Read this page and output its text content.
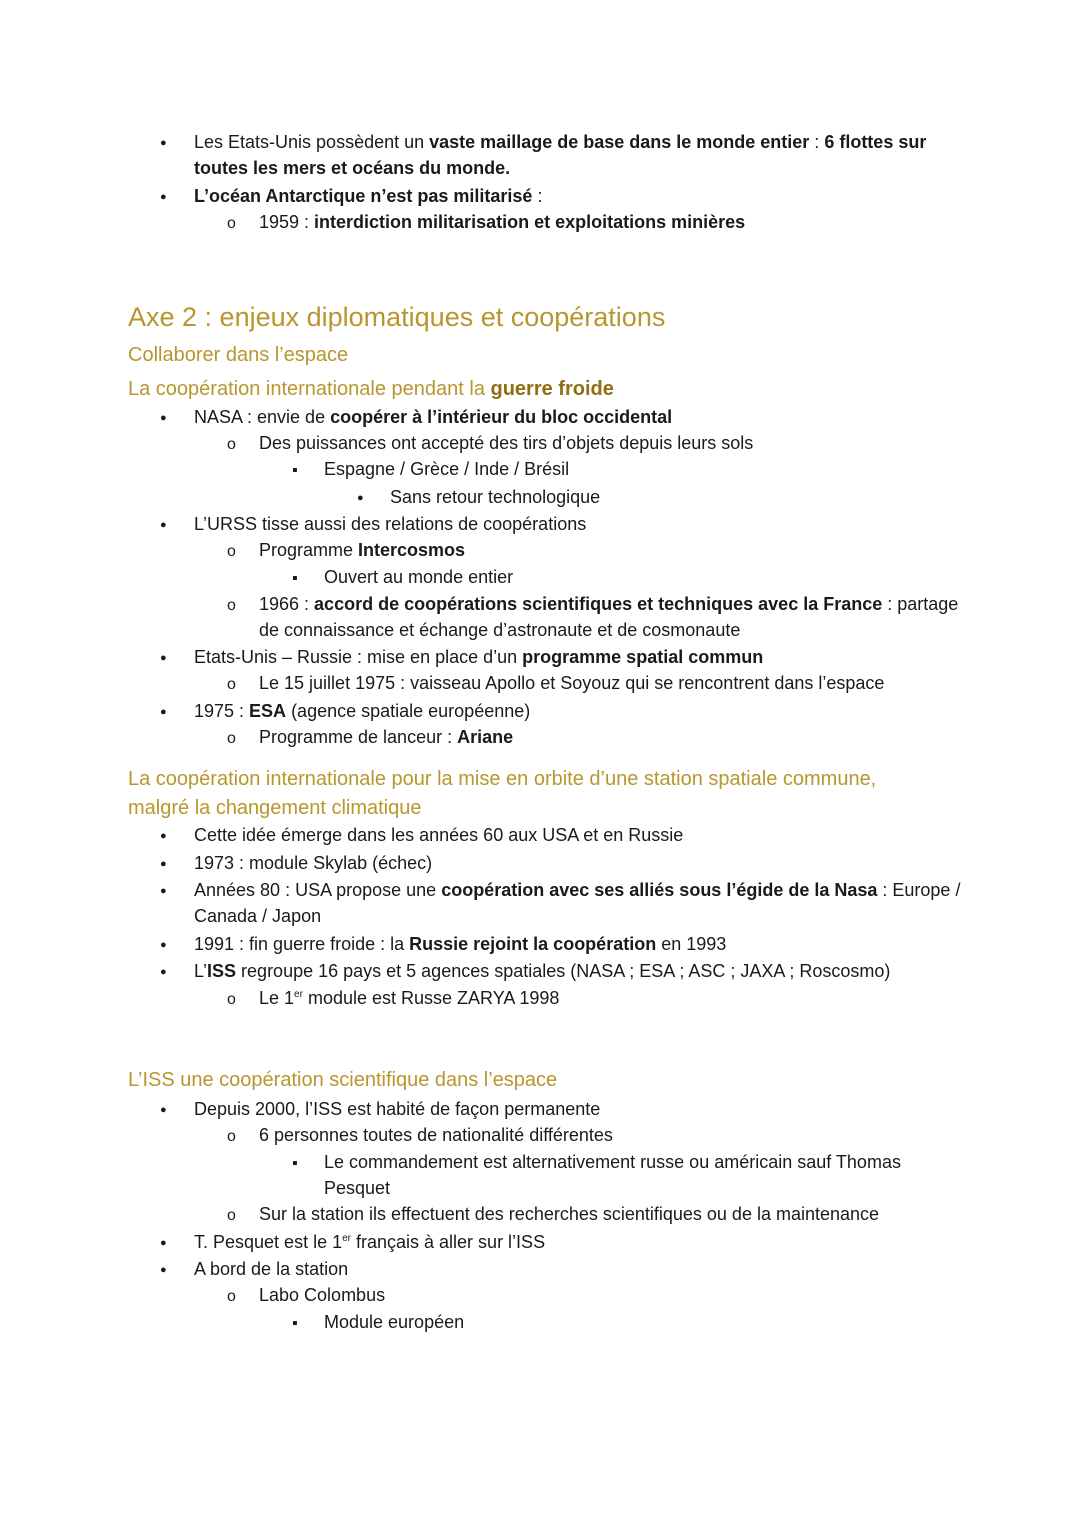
●
Les Etats-Unis possèdent un vaste maillage de base dans le monde entier : 6 flottes sur
toutes les mers et océans du monde.
●
L’océan Antarctique n’est pas militarisé :
o
1959 : interdiction militarisation et exploitations minières
Axe 2 : enjeux diplomatiques et coopérations
Collaborer dans l’espace
La coopération internationale pendant la guerre froide
●
NASA : envie de coopérer à l’intérieur du bloc occidental
o
Des puissances ont accepté des tirs d’objets depuis leurs sols
▪
Espagne / Grèce / Inde / Brésil
●
Sans retour technologique
●
L’URSS tisse aussi des relations de coopérations
o
Programme Intercosmos
▪
Ouvert au monde entier
o
1966 : accord de coopérations scientifiques et techniques avec la France : partage
de connaissance et échange d’astronaute et de cosmonaute
●
Etats-Unis – Russie : mise en place d’un programme spatial commun
o
Le 15 juillet 1975 : vaisseau Apollo et Soyouz qui se rencontrent dans l’espace
●
1975 : ESA (agence spatiale européenne)
o
Programme de lanceur : Ariane
La coopération internationale pour la mise en orbite d’une station spatiale commune,
malgré la changement climatique
●
Cette idée émerge dans les années 60 aux USA et en Russie
●
1973 : module Skylab (échec)
●
Années 80 : USA propose une coopération avec ses alliés sous l’égide de la Nasa : Europe /
Canada / Japon
●
1991 : fin guerre froide : la Russie rejoint la coopération en 1993
●
L’ISS regroupe 16 pays et 5 agences spatiales (NASA ; ESA ; ASC ; JAXA ; Roscosmo)
o
Le 1er module est Russe ZARYA 1998
L’ISS une coopération scientifique dans l’espace
●
Depuis 2000, l’ISS est habité de façon permanente
o
6 personnes toutes de nationalité différentes
▪
Le commandement est alternativement russe ou américain sauf Thomas
Pesquet
o
Sur la station ils effectuent des recherches scientifiques ou de la maintenance
●
T. Pesquet est le 1er français à aller sur l’ISS
●
A bord de la station
o
Labo Colombus
▪
Module européen
